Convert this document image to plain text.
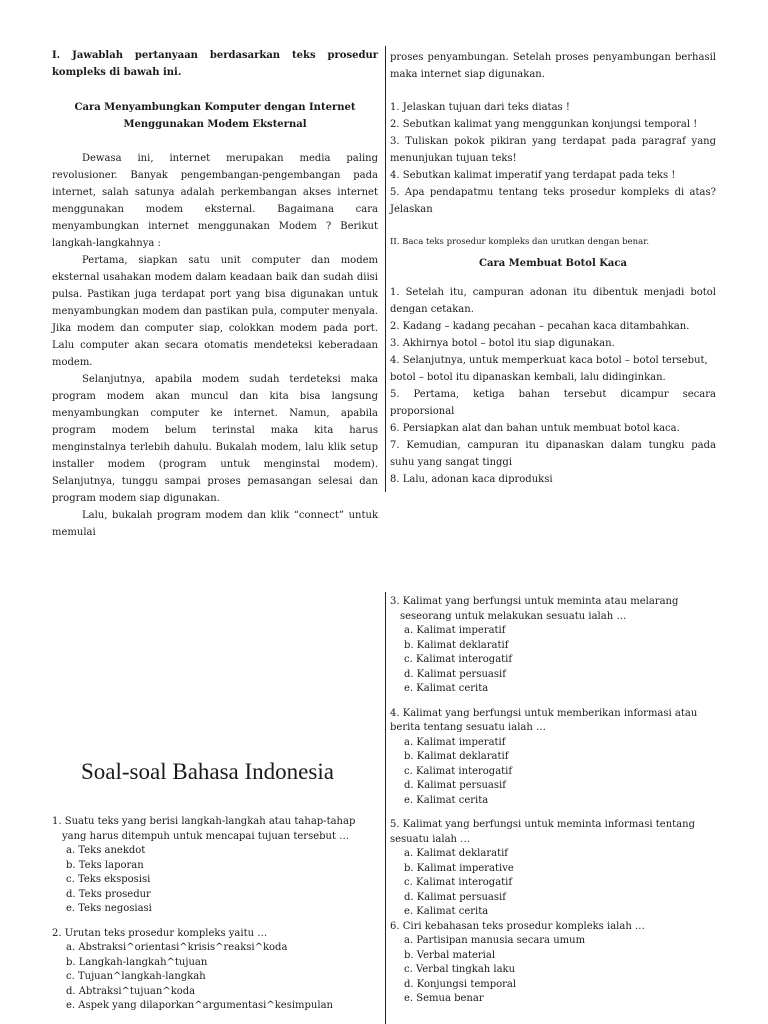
I. Jawablah pertanyaan berdasarkan teks prosedur kompleks di bawah ini.

Cara Menyambungkan Komputer dengan Internet

Menggunakan Modem Eksternal

Dewasa ini, internet merupakan media paling revolusioner. Banyak pengembangan-pengembangan pada internet, salah satunya adalah perkembangan akses internet menggunakan modem eksternal. Bagaimana cara menyambungkan internet menggunakan Modem ? Berikut langkah-langkahnya :

Pertama, siapkan satu unit computer dan modem eksternal usahakan modem dalam keadaan baik dan sudah diisi pulsa. Pastikan juga terdapat port yang bisa digunakan untuk menyambungkan modem dan pastikan pula, computer menyala. Jika modem dan computer siap, colokkan modem pada port. Lalu computer akan secara otomatis mendeteksi keberadaan modem.

Selanjutnya, apabila modem sudah terdeteksi maka program modem akan muncul dan kita bisa langsung menyambungkan computer ke internet. Namun, apabila program modem belum terinstal maka kita harus menginstalnya terlebih dahulu. Bukalah modem, lalu klik setup installer modem (program untuk menginstal modem). Selanjutnya, tunggu sampai proses pemasangan selesai dan program modem siap digunakan.

Lalu, bukalah program modem dan klik “connect” untuk memulai

proses penyambungan. Setelah proses penyambungan berhasil maka internet siap digunakan.

1. Jelaskan tujuan dari teks diatas !

2. Sebutkan kalimat yang menggunkan konjungsi temporal !

3. Tuliskan pokok pikiran yang terdapat pada paragraf yang menunjukan tujuan teks!

4. Sebutkan kalimat imperatif yang terdapat pada teks !

5. Apa pendapatmu tentang teks prosedur kompleks di atas? Jelaskan

II. Baca teks prosedur kompleks dan urutkan dengan benar.

Cara Membuat Botol Kaca

1. Setelah itu, campuran adonan itu dibentuk menjadi botol dengan cetakan.

2. Kadang – kadang pecahan – pecahan kaca ditambahkan.

3. Akhirnya botol – botol itu siap digunakan.

4. Selanjutnya, untuk memperkuat kaca botol – botol tersebut, botol – botol itu dipanaskan kembali, lalu didinginkan.

5. Pertama, ketiga bahan tersebut dicampur secara proporsional

6. Persiapkan alat dan bahan untuk membuat botol kaca.

7. Kemudian, campuran itu dipanaskan dalam tungku pada suhu yang sangat tinggi

8. Lalu, adonan kaca diproduksi

Soal-soal Bahasa Indonesia

1. Suatu teks yang berisi langkah-langkah atau tahap-tahap yang harus ditempuh untuk mencapai tujuan tersebut …

a. Teks anekdot

b. Teks laporan

c. Teks eksposisi

d. Teks prosedur

e. Teks negosiasi

2. Urutan teks prosedur kompleks yaitu …

a. Abstraksi^orientasi^krisis^reaksi^koda

b. Langkah-langkah^tujuan

c. Tujuan^langkah-langkah

d. Abtraksi^tujuan^koda

e. Aspek yang dilaporkan^argumentasi^kesimpulan

3. Kalimat yang berfungsi untuk meminta atau melarang seseorang untuk melakukan sesuatu ialah …

a. Kalimat imperatif

b. Kalimat deklaratif

c. Kalimat interogatif

d. Kalimat persuasif

e. Kalimat cerita

4. Kalimat yang berfungsi untuk memberikan informasi atau berita tentang sesuatu ialah …

a. Kalimat imperatif

b. Kalimat deklaratif

c. Kalimat interogatif

d. Kalimat persuasif

e. Kalimat cerita

5. Kalimat yang berfungsi untuk meminta informasi tentang sesuatu ialah …

a. Kalimat deklaratif

b. Kalimat imperative

c. Kalimat interogatif

d. Kalimat persuasif

e. Kalimat cerita

6. Ciri kebahasan teks prosedur kompleks ialah …

a. Partisipan manusia secara umum

b. Verbal material

c. Verbal tingkah laku

d. Konjungsi temporal

e. Semua benar
